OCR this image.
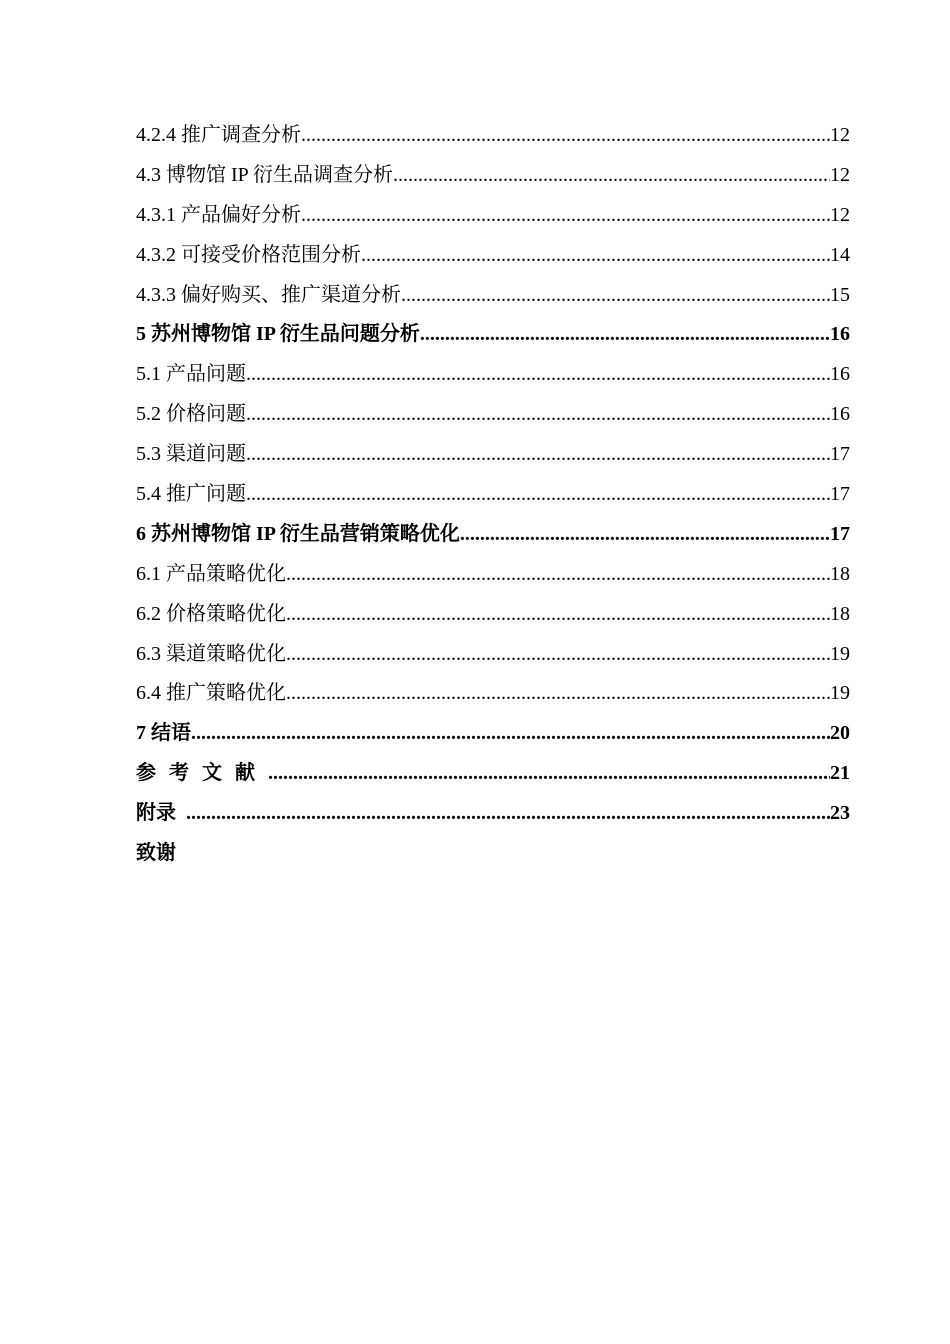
4.2.4 推广调查分析 .....	12
4.3 博物馆 IP 衍生品调查分析 .....	12
4.3.1 产品偏好分析 .....	12
4.3.2 可接受价格范围分析 .....	14
4.3.3 偏好购买、推广渠道分析 .....	15
5 苏州博物馆 IP 衍生品问题分析 .....	16
5.1 产品问题 .....	16
5.2 价格问题 .....	16
5.3 渠道问题 .....	17
5.4 推广问题 .....	17
6 苏州博物馆 IP 衍生品营销策略优化 .....	17
6.1 产品策略优化 .....	18
6.2 价格策略优化 .....	18
6.3 渠道策略优化 .....	19
6.4 推广策略优化 .....	19
7 结语 .....	20
参考文献 .....	21
附录 .....	23
致谢
